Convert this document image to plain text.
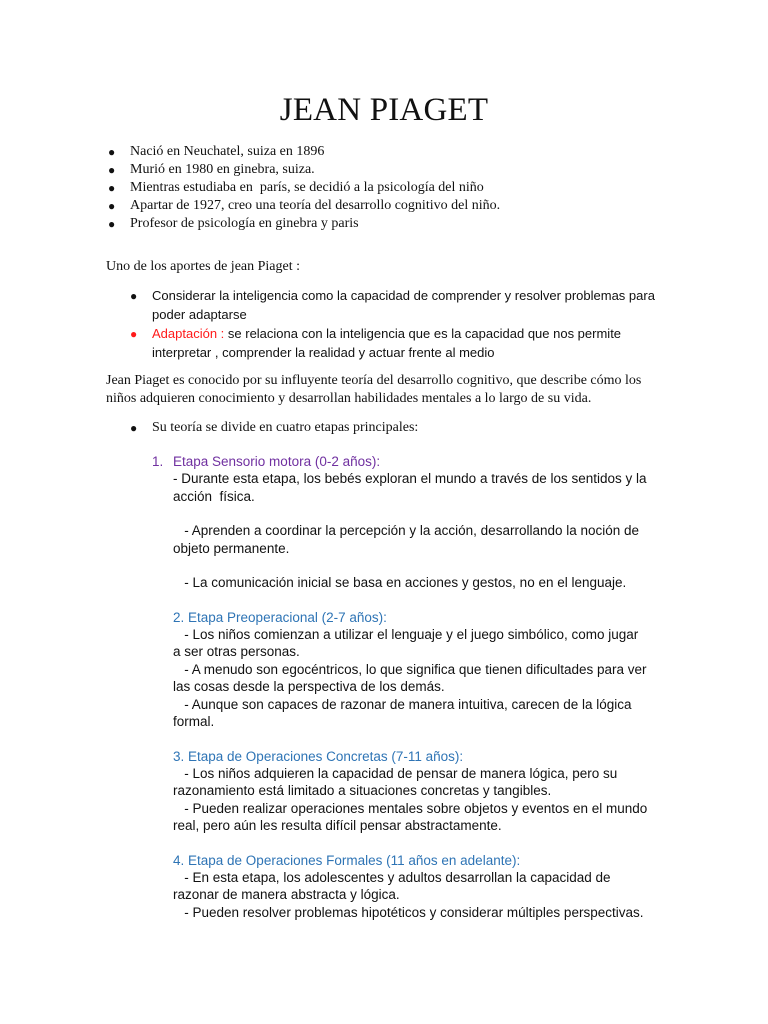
JEAN PIAGET
● Nació en Neuchatel, suiza en 1896
● Murió en 1980 en ginebra, suiza.
● Mientras estudiaba en  parís, se decidió a la psicología del niño
● Apartar de 1927, creo una teoría del desarrollo cognitivo del niño.
● Profesor de psicología en ginebra y paris
Uno de los aportes de jean Piaget :
● Considerar la inteligencia como la capacidad de comprender y resolver problemas para poder adaptarse
● Adaptación : se relaciona con la inteligencia que es la capacidad que nos permite interpretar , comprender la realidad y actuar frente al medio
Jean Piaget es conocido por su influyente teoría del desarrollo cognitivo, que describe cómo los niños adquieren conocimiento y desarrollan habilidades mentales a lo largo de su vida.
● Su teoría se divide en cuatro etapas principales:
1. Etapa Sensorio motora (0-2 años):
- Durante esta etapa, los bebés exploran el mundo a través de los sentidos y la
acción  física.
- Aprenden a coordinar la percepción y la acción, desarrollando la noción de
objeto permanente.
- La comunicación inicial se basa en acciones y gestos, no en el lenguaje.
2. Etapa Preoperacional (2-7 años):
- Los niños comienzan a utilizar el lenguaje y el juego simbólico, como jugar
a ser otras personas.
- A menudo son egocéntricos, lo que significa que tienen dificultades para ver
las cosas desde la perspectiva de los demás.
- Aunque son capaces de razonar de manera intuitiva, carecen de la lógica
formal.
3. Etapa de Operaciones Concretas (7-11 años):
- Los niños adquieren la capacidad de pensar de manera lógica, pero su
razonamiento está limitado a situaciones concretas y tangibles.
- Pueden realizar operaciones mentales sobre objetos y eventos en el mundo
real, pero aún les resulta difícil pensar abstractamente.
4. Etapa de Operaciones Formales (11 años en adelante):
- En esta etapa, los adolescentes y adultos desarrollan la capacidad de
razonar de manera abstracta y lógica.
- Pueden resolver problemas hipotéticos y considerar múltiples perspectivas.
